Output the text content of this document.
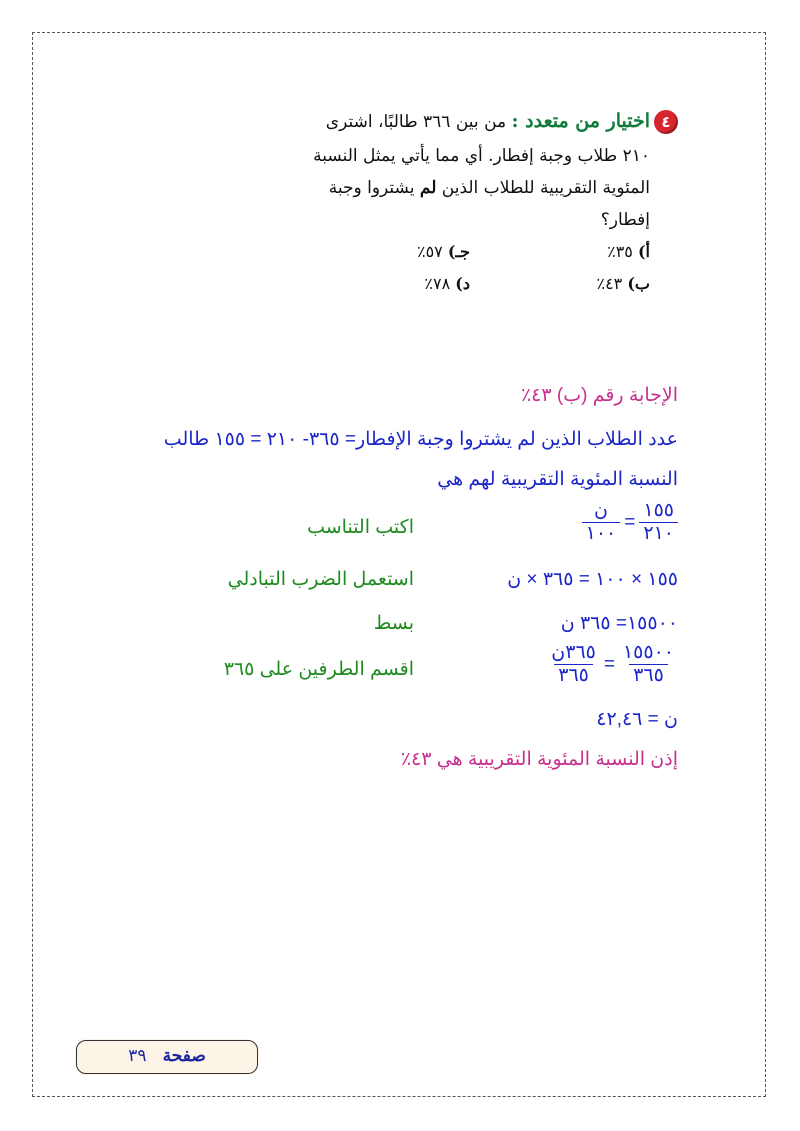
٤
اختيار من متعدد : من بين ٣٦٦ طالبًا، اشترى
٢١٠ طلاب وجبة إفطار. أي مما يأتي يمثل النسبة
المئوية التقريبية للطلاب الذين لم يشتروا وجبة
إفطار؟
أ) ٣٥٪
جـ) ٥٧٪
ب) ٤٣٪
د) ٧٨٪
الإجابة رقم (ب) ٤٣٪
عدد الطلاب الذين لم يشتروا وجبة الإفطار= ٣٦٥- ٢١٠ = ١٥٥ طالب
النسبة المئوية التقريبية لهم هي
$\frac{\text{ن}}{١٠٠} = \frac{١٥٥}{٢١٠}$
اكتب التناسب
١٥٥ × ١٠٠ = ٣٦٥ × ن
استعمل الضرب التبادلي
١٥٥٠٠= ٣٦٥ ن
بسط
$\frac{\text{٣٦٥ن}}{٣٦٥} = \frac{١٥٥٠٠}{٣٦٥}$
اقسم الطرفين على ٣٦٥
ن = ٤٢,٤٦
إذن النسبة المئوية التقريبية هي ٤٣٪
صفحة   ٣٩
